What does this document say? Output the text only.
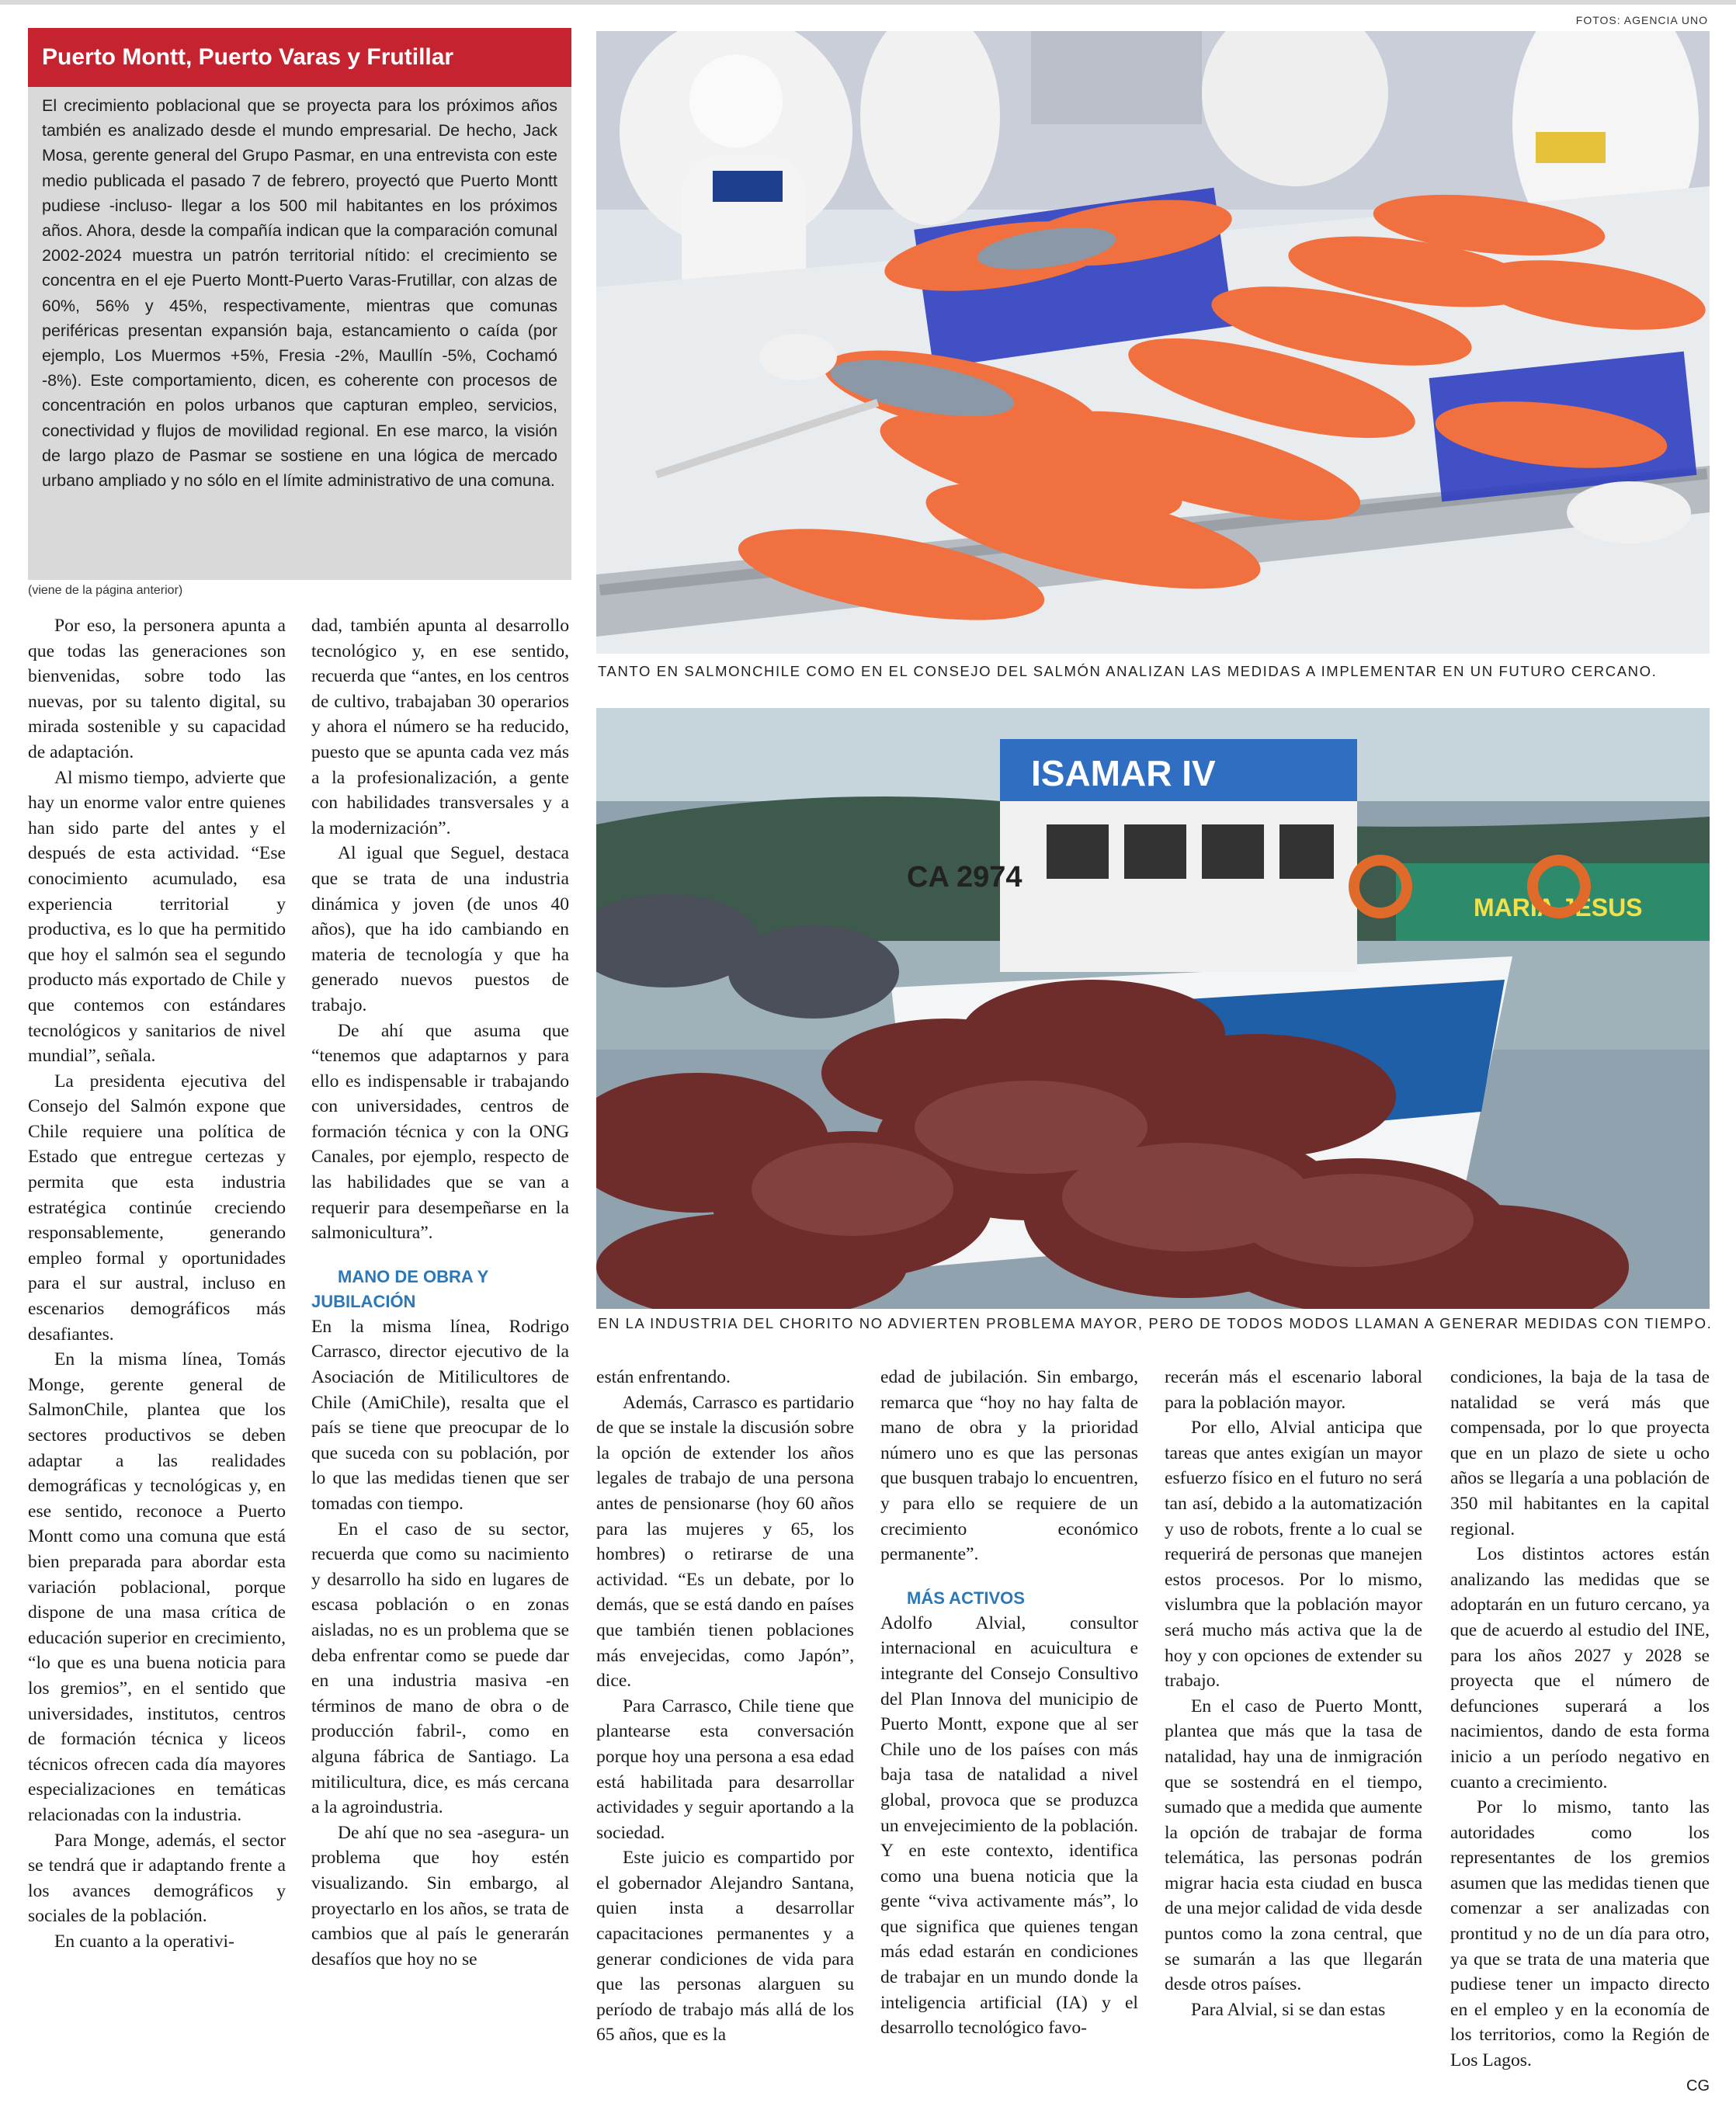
FOTOS: AGENCIA UNO
Puerto Montt, Puerto Varas y Frutillar
El crecimiento poblacional que se proyecta para los próximos años también es analizado desde el mundo empresarial. De hecho, Jack Mosa, gerente general del Grupo Pasmar, en una entrevista con este medio publicada el pasado 7 de febrero, proyectó que Puerto Montt pudiese -incluso- llegar a los 500 mil habitantes en los próximos años. Ahora, desde la compañía indican que la comparación comunal 2002-2024 muestra un patrón territorial nítido: el crecimiento se concentra en el eje Puerto Montt-Puerto Varas-Frutillar, con alzas de 60%, 56% y 45%, respectivamente, mientras que comunas periféricas presentan expansión baja, estancamiento o caída (por ejemplo, Los Muermos +5%, Fresia -2%, Maullín -5%, Cochamó -8%). Este comportamiento, dicen, es coherente con procesos de concentración en polos urbanos que capturan empleo, servicios, conectividad y flujos de movilidad regional. En ese marco, la visión de largo plazo de Pasmar se sostiene en una lógica de mercado urbano ampliado y no sólo en el límite administrativo de una comuna.
(viene de la página anterior)
TANTO EN SALMONCHILE COMO EN EL CONSEJO DEL SALMÓN ANALIZAN LAS MEDIDAS A IMPLEMENTAR EN UN FUTURO CERCANO.
ISAMAR IV
CA 2974
MARIA JESUS
EN LA INDUSTRIA DEL CHORITO NO ADVIERTEN PROBLEMA MAYOR, PERO DE TODOS MODOS LLAMAN A GENERAR MEDIDAS CON TIEMPO.

Por eso, la personera apunta a que todas las generaciones son bienvenidas, sobre todo las nuevas, por su talento digital, su mirada sostenible y su capacidad de adaptación.

Al mismo tiempo, advierte que hay un enorme valor entre quienes han sido parte del antes y el después de esta actividad. “Ese conocimiento acumulado, esa experiencia territorial y productiva, es lo que ha permitido que hoy el salmón sea el segundo producto más exportado de Chile y que contemos con estándares tecnológicos y sanitarios de nivel mundial”, señala.

La presidenta ejecutiva del Consejo del Salmón expone que Chile requiere una política de Estado que entregue certezas y permita que esta industria estratégica continúe creciendo responsablemente, generando empleo formal y oportunidades para el sur austral, incluso en escenarios demográficos más desafiantes.

En la misma línea, Tomás Monge, gerente general de SalmonChile, plantea que los sectores productivos se deben adaptar a las realidades demográficas y tecnológicas y, en ese sentido, reconoce a Puerto Montt como una comuna que está bien preparada para abordar esta variación poblacional, porque dispone de una masa crítica de educación superior en crecimiento, “lo que es una buena noticia para los gremios”, en el sentido que universidades, institutos, centros de formación técnica y liceos técnicos ofrecen cada día mayores especializaciones en temáticas relacionadas con la industria.

Para Monge, además, el sector se tendrá que ir adaptando frente a los avances demográficos y sociales de la población.

En cuanto a la operativi-

dad, también apunta al desarrollo tecnológico y, en ese sentido, recuerda que “antes, en los centros de cultivo, trabajaban 30 operarios y ahora el número se ha reducido, puesto que se apunta cada vez más a la profesionalización, a gente con habilidades transversales y a la modernización”.

Al igual que Seguel, destaca que se trata de una industria dinámica y joven (de unos 40 años), que ha ido cambiando en materia de tecnología y que ha generado nuevos puestos de trabajo.

De ahí que asuma que “tenemos que adaptarnos y para ello es indispensable ir trabajando con universidades, centros de formación técnica y con la ONG Canales, por ejemplo, respecto de las habilidades que se van a requerir para desempeñarse en la salmonicultura”.

MANO DE OBRA Y JUBILACIÓN

En la misma línea, Rodrigo Carrasco, director ejecutivo de la Asociación de Mitilicultores de Chile (AmiChile), resalta que el país se tiene que preocupar de lo que suceda con su población, por lo que las medidas tienen que ser tomadas con tiempo.

En el caso de su sector, recuerda que como su nacimiento y desarrollo ha sido en lugares de escasa población o en zonas aisladas, no es un problema que se deba enfrentar como se puede dar en una industria masiva -en términos de mano de obra o de producción fabril-, como en alguna fábrica de Santiago. La mitilicultura, dice, es más cercana a la agroindustria.

De ahí que no sea -asegura- un problema que hoy estén visualizando. Sin embargo, al proyectarlo en los años, se trata de cambios que al país le generarán desafíos que hoy no se

están enfrentando.

Además, Carrasco es partidario de que se instale la discusión sobre la opción de extender los años legales de trabajo de una persona antes de pensionarse (hoy 60 años para las mujeres y 65, los hombres) o retirarse de una actividad. “Es un debate, por lo demás, que se está dando en países que también tienen poblaciones más envejecidas, como Japón”, dice.

Para Carrasco, Chile tiene que plantearse esta conversación porque hoy una persona a esa edad está habilitada para desarrollar actividades y seguir aportando a la sociedad.

Este juicio es compartido por el gobernador Alejandro Santana, quien insta a desarrollar capacitaciones permanentes y a generar condiciones de vida para que las personas alarguen su período de trabajo más allá de los 65 años, que es la

edad de jubilación. Sin embargo, remarca que “hoy no hay falta de mano de obra y la prioridad número uno es que las personas que busquen trabajo lo encuentren, y para ello se requiere de un crecimiento económico permanente”.

MÁS ACTIVOS

Adolfo Alvial, consultor internacional en acuicultura e integrante del Consejo Consultivo del Plan Innova del municipio de Puerto Montt, expone que al ser Chile uno de los países con más baja tasa de natalidad a nivel global, provoca que se produzca un envejecimiento de la población. Y en este contexto, identifica como una buena noticia que la gente “viva activamente más”, lo que significa que quienes tengan más edad estarán en condiciones de trabajar en un mundo donde la inteligencia artificial (IA) y el desarrollo tecnológico favo-

recerán más el escenario laboral para la población mayor.

Por ello, Alvial anticipa que tareas que antes exigían un mayor esfuerzo físico en el futuro no será tan así, debido a la automatización y uso de robots, frente a lo cual se requerirá de personas que manejen estos procesos. Por lo mismo, vislumbra que la población mayor será mucho más activa que la de hoy y con opciones de extender su trabajo.

En el caso de Puerto Montt, plantea que más que la tasa de natalidad, hay una de inmigración que se sostendrá en el tiempo, sumado que a medida que aumente la opción de trabajar de forma telemática, las personas podrán migrar hacia esta ciudad en busca de una mejor calidad de vida desde puntos como la zona central, que se sumarán a las que llegarán desde otros países.

Para Alvial, si se dan estas

condiciones, la baja de la tasa de natalidad se verá más que compensada, por lo que proyecta que en un plazo de siete u ocho años se llegaría a una población de 350 mil habitantes en la capital regional.

Los distintos actores están analizando las medidas que se adoptarán en un futuro cercano, ya que de acuerdo al estudio del INE, para los años 2027 y 2028 se proyecta que el número de defunciones superará a los nacimientos, dando de esta forma inicio a un período negativo en cuanto a crecimiento.

Por lo mismo, tanto las autoridades como los representantes de los gremios asumen que las medidas tienen que comenzar a ser analizadas con prontitud y no de un día para otro, ya que se trata de una materia que pudiese tener un impacto directo en el empleo y en la economía de los territorios, como la Región de Los Lagos.

CG
